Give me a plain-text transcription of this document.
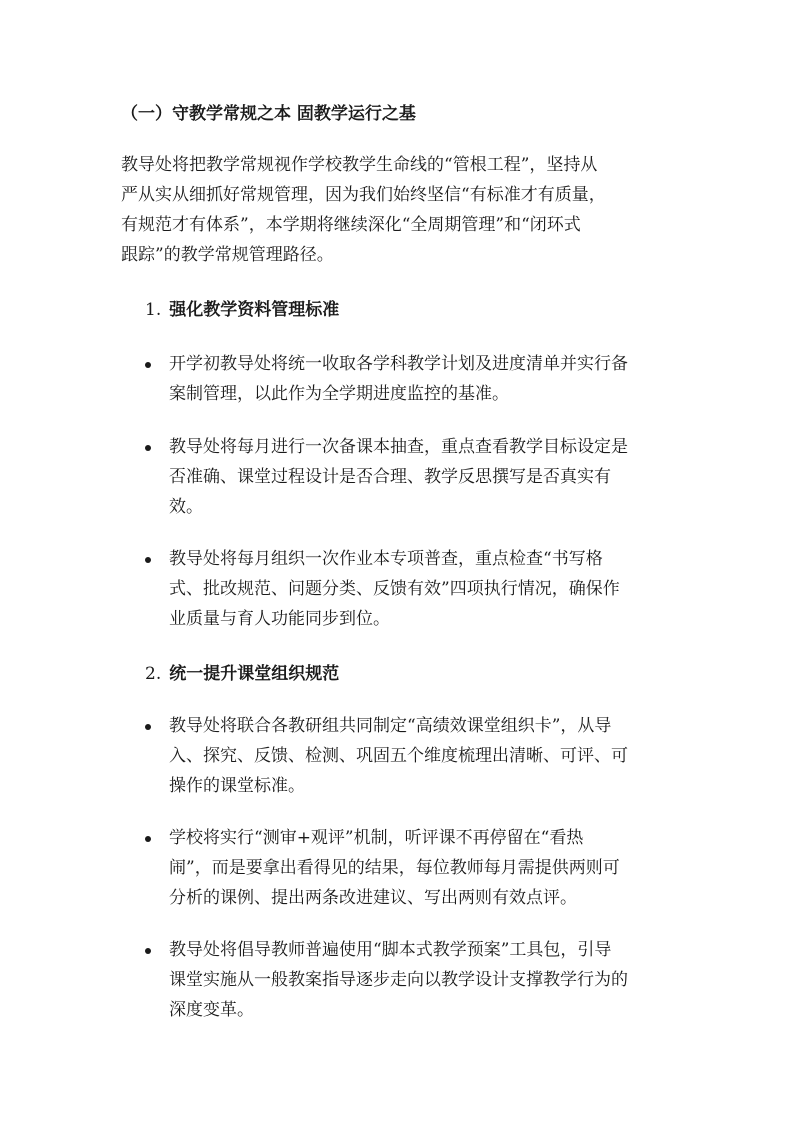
（一）守教学常规之本 固教学运行之基
教导处将把教学常规视作学校教学生命线的“管根工程”，坚持从
严从实从细抓好常规管理，因为我们始终坚信“有标准才有质量，
有规范才有体系”，本学期将继续深化“全周期管理”和“闭环式
跟踪”的教学常规管理路径。
1. 强化教学资料管理标准
开学初教导处将统一收取各学科教学计划及进度清单并实行备
案制管理，以此作为全学期进度监控的基准。
教导处将每月进行一次备课本抽查，重点查看教学目标设定是
否准确、课堂过程设计是否合理、教学反思撰写是否真实有
效。
教导处将每月组织一次作业本专项普查，重点检查“书写格
式、批改规范、问题分类、反馈有效”四项执行情况，确保作
业质量与育人功能同步到位。
2. 统一提升课堂组织规范
教导处将联合各教研组共同制定“高绩效课堂组织卡”，从导
入、探究、反馈、检测、巩固五个维度梳理出清晰、可评、可
操作的课堂标准。
学校将实行“测审+观评”机制，听评课不再停留在“看热
闹”，而是要拿出看得见的结果，每位教师每月需提供两则可
分析的课例、提出两条改进建议、写出两则有效点评。
教导处将倡导教师普遍使用“脚本式教学预案”工具包，引导
课堂实施从一般教案指导逐步走向以教学设计支撑教学行为的
深度变革。
